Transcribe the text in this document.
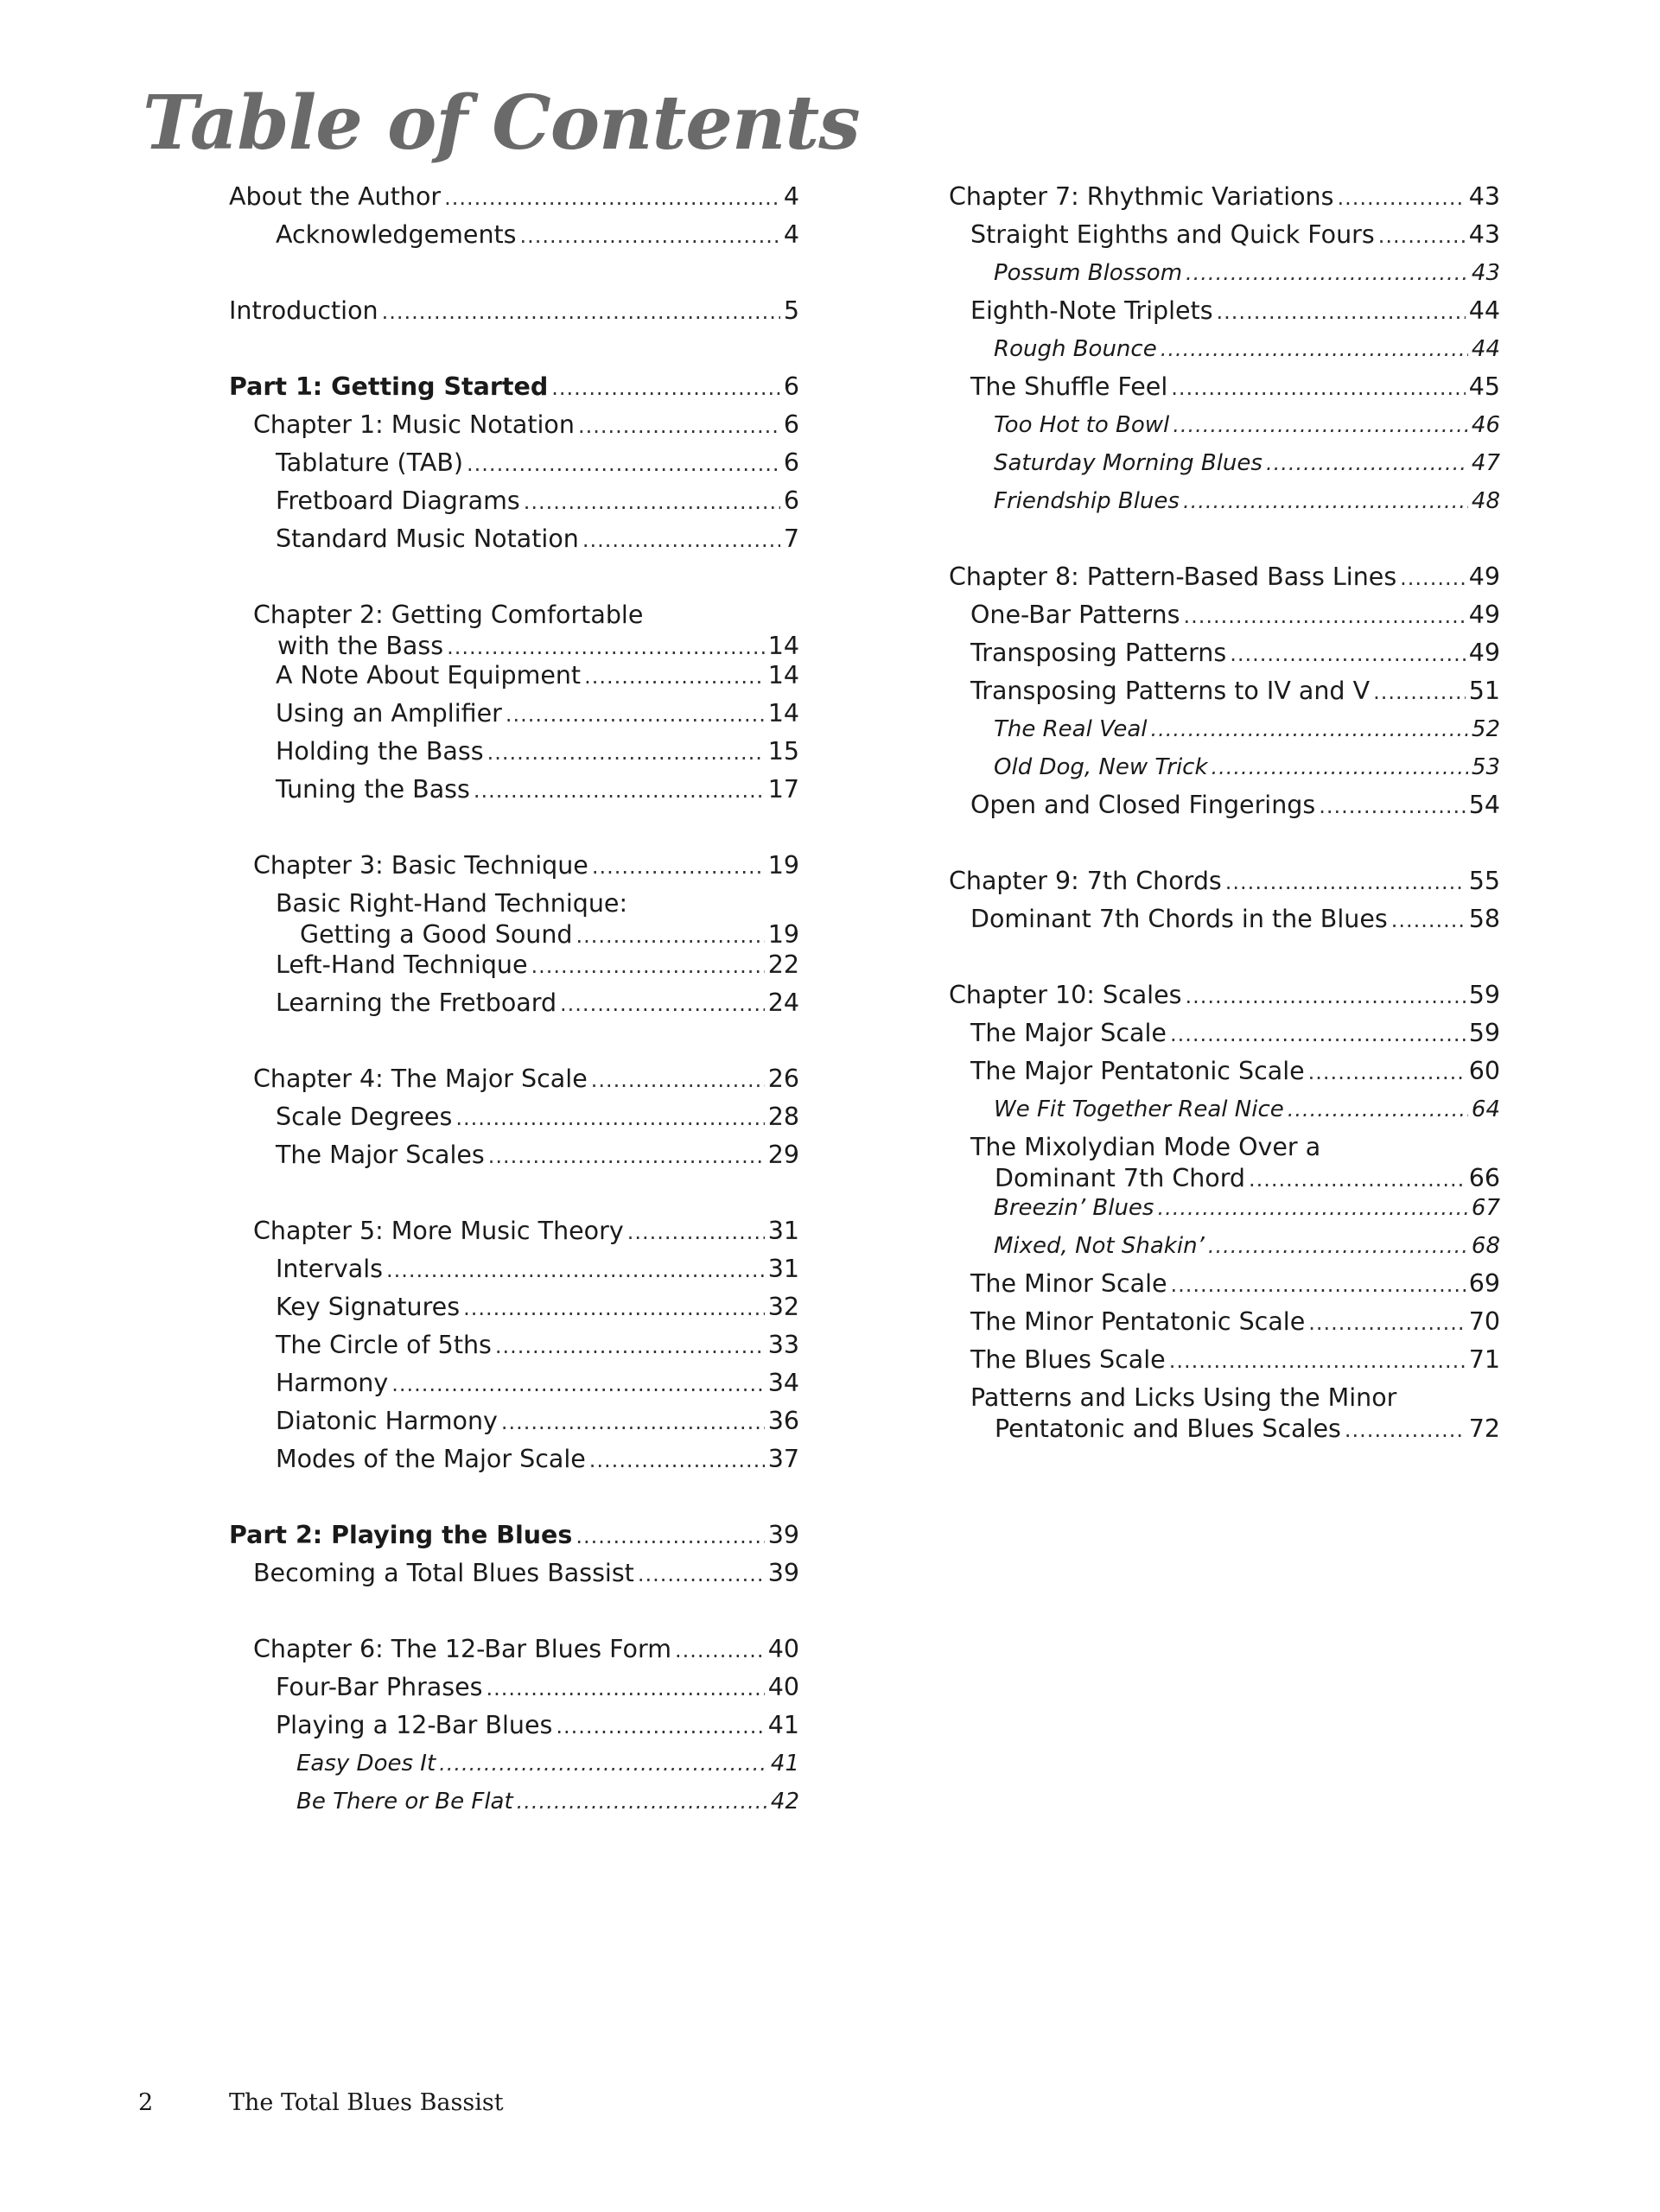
Table of Contents
About the Author .....	4
Acknowledgements .....	4
Introduction .....	5
Part 1: Getting Started .....	6
Chapter 1: Music Notation .....	6
Tablature (TAB) .....	6
Fretboard Diagrams .....	6
Standard Music Notation .....	7
Chapter 2: Getting Comfortable
with the Bass .....	14
A Note About Equipment .....	14
Using an Amplifier .....	14
Holding the Bass .....	15
Tuning the Bass .....	17
Chapter 3: Basic Technique .....	19
Basic Right-Hand Technique:
Getting a Good Sound .....	19
Left-Hand Technique .....	22
Learning the Fretboard .....	24
Chapter 4: The Major Scale .....	26
Scale Degrees .....	28
The Major Scales .....	29
Chapter 5: More Music Theory .....	31
Intervals .....	31
Key Signatures .....	32
The Circle of 5ths .....	33
Harmony .....	34
Diatonic Harmony .....	36
Modes of the Major Scale .....	37
Part 2: Playing the Blues .....	39
Becoming a Total Blues Bassist .....	39
Chapter 6: The 12-Bar Blues Form .....	40
Four-Bar Phrases .....	40
Playing a 12-Bar Blues .....	41
Easy Does It .....	41
Be There or Be Flat .....	42
Chapter 7: Rhythmic Variations .....	43
Straight Eighths and Quick Fours .....	43
Possum Blossom .....	43
Eighth-Note Triplets .....	44
Rough Bounce .....	44
The Shuffle Feel .....	45
Too Hot to Bowl .....	46
Saturday Morning Blues .....	47
Friendship Blues .....	48
Chapter 8: Pattern-Based Bass Lines .....	49
One-Bar Patterns .....	49
Transposing Patterns .....	49
Transposing Patterns to IV and V .....	51
The Real Veal .....	52
Old Dog, New Trick .....	53
Open and Closed Fingerings .....	54
Chapter 9: 7th Chords .....	55
Dominant 7th Chords in the Blues .....	58
Chapter 10: Scales .....	59
The Major Scale .....	59
The Major Pentatonic Scale .....	60
We Fit Together Real Nice .....	64
The Mixolydian Mode Over a
Dominant 7th Chord .....	66
Breezin’ Blues .....	67
Mixed, Not Shakin’ .....	68
The Minor Scale .....	69
The Minor Pentatonic Scale .....	70
The Blues Scale .....	71
Patterns and Licks Using the Minor
Pentatonic and Blues Scales .....	72
2	The Total Blues Bassist
